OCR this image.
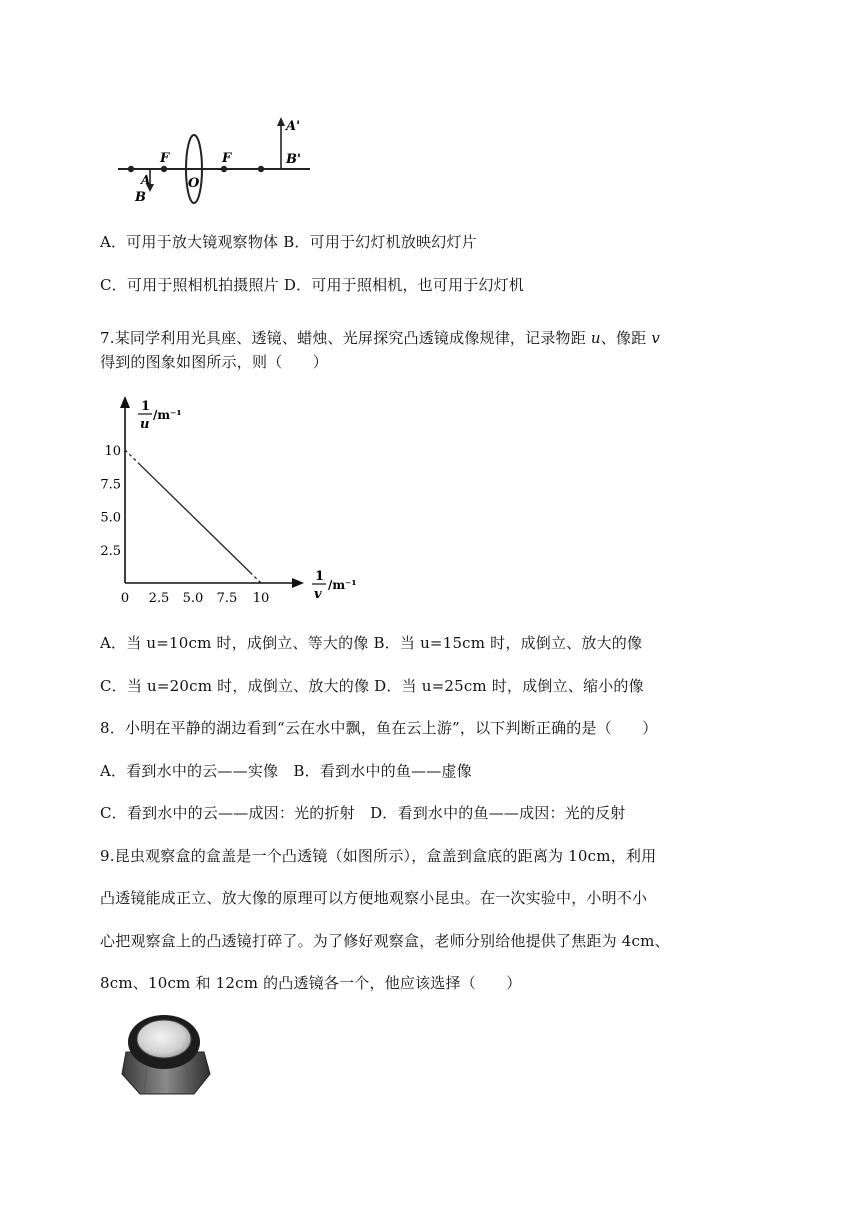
A'
B'
F	F
O
A
B
A．可用于放大镜观察物体 B．可用于幻灯机放映幻灯片
C．可用于照相机拍摄照片 D．可用于照相机，也可用于幻灯机
7.某同学利用光具座、透镜、蜡烛、光屏探究凸透镜成像规律，记录物距 u、像距 v
得到的图象如图所示，则（　　）
1
u
/m⁻¹
1
v
/m⁻¹
0 2.5 5.0 7.5 10
10
7.5
5.0
2.5
A．当 u=10cm 时，成倒立、等大的像 B．当 u=15cm 时，成倒立、放大的像
C．当 u=20cm 时，成倒立、放大的像 D．当 u=25cm 时，成倒立、缩小的像
8．小明在平静的湖边看到“云在水中飘，鱼在云上游”，以下判断正确的是（　　）
A．看到水中的云——实像　B．看到水中的鱼——虚像
C．看到水中的云——成因：光的折射　D．看到水中的鱼——成因：光的反射
9.昆虫观察盒的盒盖是一个凸透镜（如图所示），盒盖到盒底的距离为 10cm，利用
凸透镜能成正立、放大像的原理可以方便地观察小昆虫。在一次实验中，小明不小
心把观察盒上的凸透镜打碎了。为了修好观察盒，老师分别给他提供了焦距为 4cm、
8cm、10cm 和 12cm 的凸透镜各一个，他应该选择（　　）
